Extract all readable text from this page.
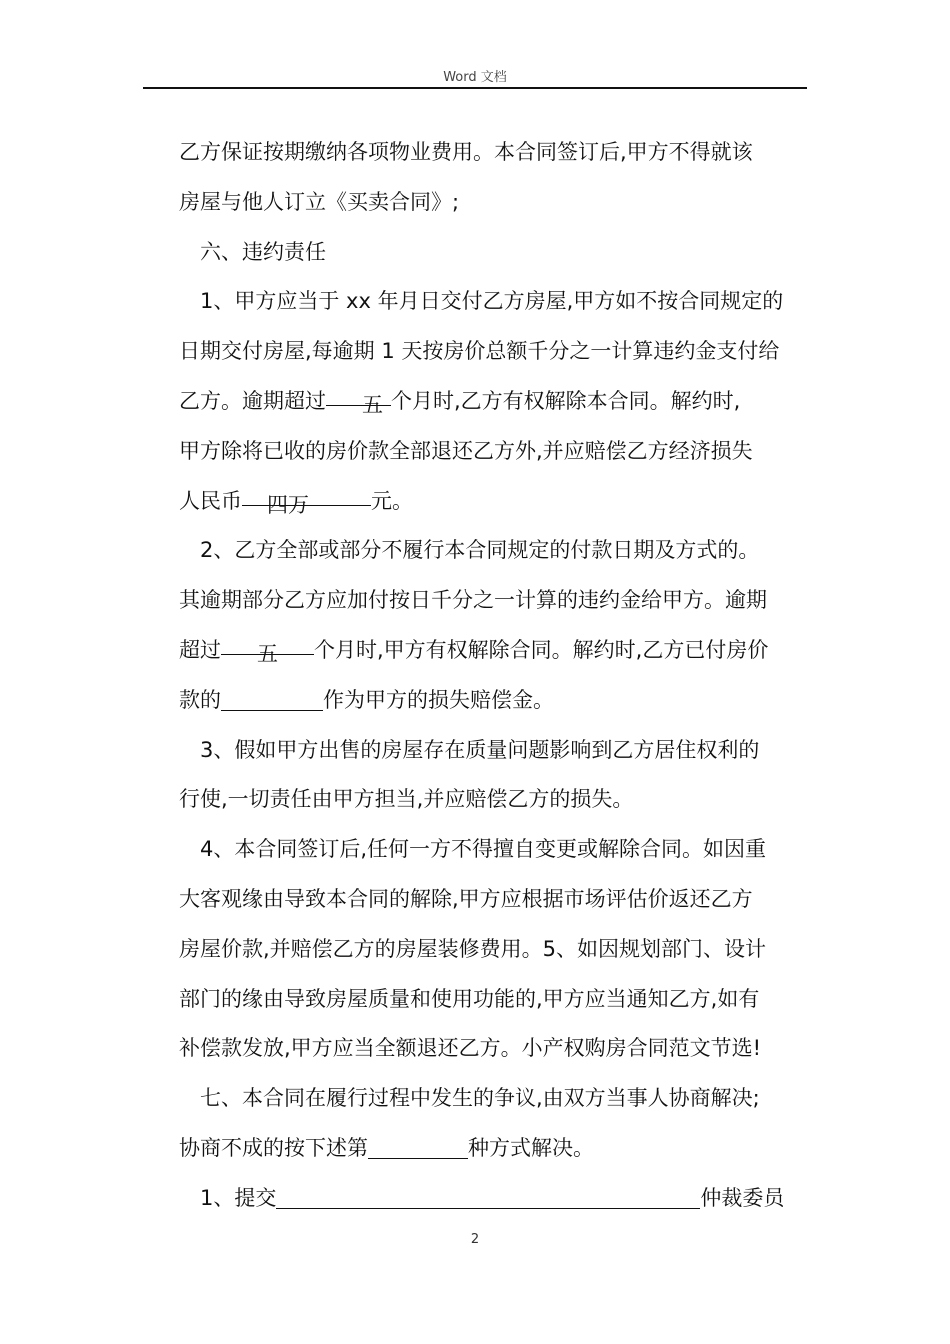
Word 文档
乙方保证按期缴纳各项物业费用。本合同签订后,甲方不得就该
房屋与他人订立《买卖合同》;
六、违约责任
1、甲方应当于 xx 年月日交付乙方房屋,甲方如不按合同规定的
日期交付房屋,每逾期 1 天按房价总额千分之一计算违约金支付给
乙方。逾期超过 五 个月时,乙方有权解除本合同。解约时,
甲方除将已收的房价款全部退还乙方外,并应赔偿乙方经济损失
人民币 四万	元。
2、乙方全部或部分不履行本合同规定的付款日期及方式的。
其逾期部分乙方应加付按日千分之一计算的违约金给甲方。逾期
超过 五 个月时,甲方有权解除合同。解约时,乙方已付房价
款的	作为甲方的损失赔偿金。
3、假如甲方出售的房屋存在质量问题影响到乙方居住权利的
行使,一切责任由甲方担当,并应赔偿乙方的损失。
4、本合同签订后,任何一方不得擅自变更或解除合同。如因重
大客观缘由导致本合同的解除,甲方应根据市场评估价返还乙方
房屋价款,并赔偿乙方的房屋装修费用。5、如因规划部门、设计
部门的缘由导致房屋质量和使用功能的,甲方应当通知乙方,如有
补偿款发放,甲方应当全额退还乙方。小产权购房合同范文节选!
七、本合同在履行过程中发生的争议,由双方当事人协商解决;
协商不成的按下述第	种方式解决。
1、提交	仲裁委员
2
